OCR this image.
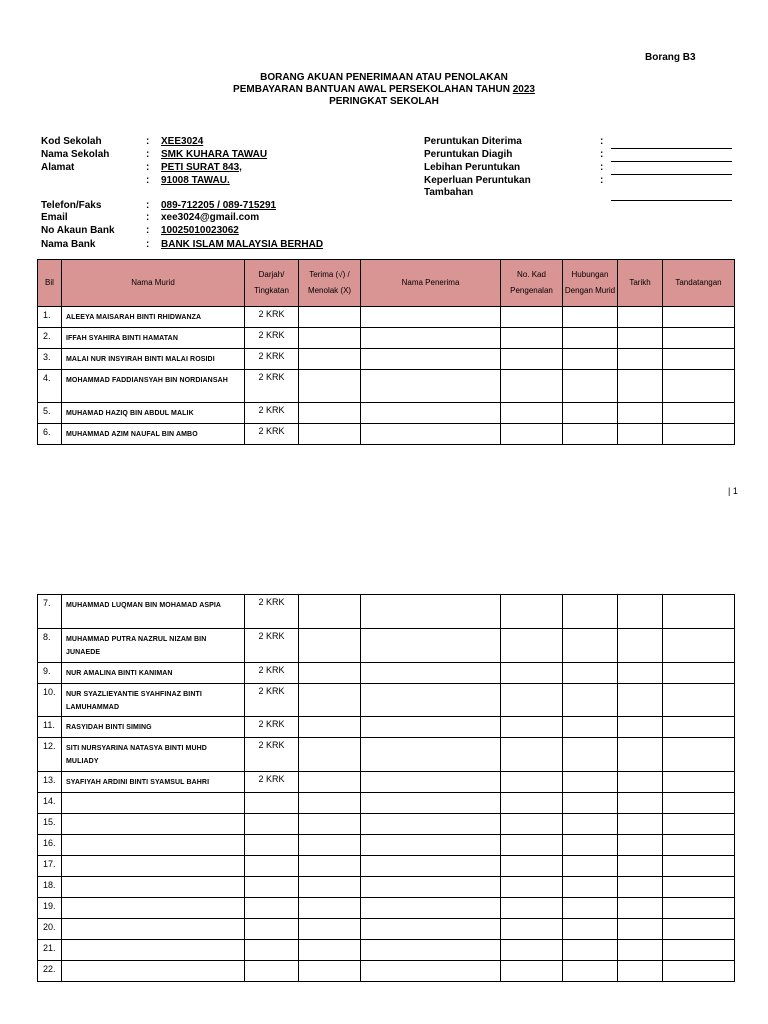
Borang B3
BORANG AKUAN PENERIMAAN ATAU PENOLAKAN
PEMBAYARAN BANTUAN AWAL PERSEKOLAHAN TAHUN 2023
PERINGKAT SEKOLAH
Kod Sekolah	: XEE3024
Nama Sekolah	: SMK KUHARA TAWAU
Alamat	: PETI SURAT 843,
: 91008 TAWAU.
Telefon/Faks	: 089-712205 / 089-715291
Email	: xee3024@gmail.com
No Akaun Bank	: 10025010023062
Nama Bank	: BANK ISLAM MALAYSIA BERHAD
Peruntukan Diterima	:
Peruntukan Diagih	:
Lebihan Peruntukan	:
Keperluan Peruntukan Tambahan
:
Bil	Nama Murid	Darjah/ Tingkatan	Terima (√) / Menolak (X)	Nama Penerima	No. Kad Pengenalan	Hubungan Dengan Murid	Tarikh	Tandatangan
1.	ALEEYA MAISARAH BINTI RHIDWANZA	2 KRK						
2.	IFFAH SYAHIRA BINTI HAMATAN	2 KRK						
3.	MALAI NUR INSYIRAH BINTI MALAI ROSIDI	2 KRK						
4.	MOHAMMAD FADDIANSYAH BIN NORDIANSAH	2 KRK						
5.	MUHAMAD HAZIQ BIN ABDUL MALIK	2 KRK						
6.	MUHAMMAD AZIM NAUFAL BIN AMBO	2 KRK						
| 1
7.	MUHAMMAD LUQMAN BIN MOHAMAD ASPIA	2 KRK						
8.	MUHAMMAD PUTRA NAZRUL NIZAM BIN JUNAEDE	2 KRK						
9.	NUR AMALINA BINTI KANIMAN	2 KRK						
10.	NUR SYAZLIEYANTIE SYAHFINAZ BINTI LAMUHAMMAD	2 KRK						
11.	RASYIDAH BINTI SIMING	2 KRK						
12.	SITI NURSYARINA NATASYA BINTI MUHD MULIADY	2 KRK						
13.	SYAFIYAH ARDINI BINTI SYAMSUL BAHRI	2 KRK						
14.								
15.								
16.								
17.								
18.								
19.								
20.								
21.								
22.								
